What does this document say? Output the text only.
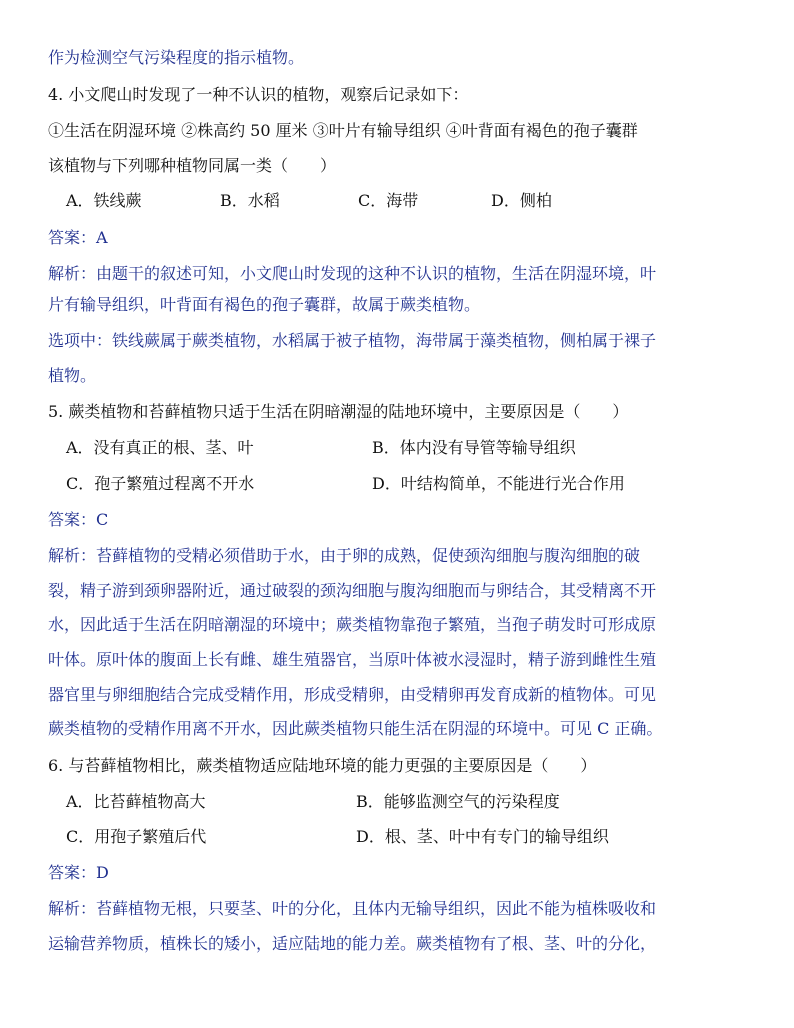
作为检测空气污染程度的指示植物。
4. 小文爬山时发现了一种不认识的植物，观察后记录如下：
①生活在阴湿环境 ②株高约 50 厘米 ③叶片有输导组织 ④叶背面有褐色的孢子囊群
该植物与下列哪种植物同属一类（　　）
A．铁线蕨	B．水稻	C．海带	D．侧柏
答案：A
解析：由题干的叙述可知，小文爬山时发现的这种不认识的植物，生活在阴湿环境，叶
片有输导组织，叶背面有褐色的孢子囊群，故属于蕨类植物。
选项中：铁线蕨属于蕨类植物，水稻属于被子植物，海带属于藻类植物，侧柏属于裸子
植物。
5. 蕨类植物和苔藓植物只适于生活在阴暗潮湿的陆地环境中，主要原因是（　　）
A．没有真正的根、茎、叶	B．体内没有导管等输导组织
C．孢子繁殖过程离不开水	D．叶结构简单，不能进行光合作用
答案：C
解析：苔藓植物的受精必须借助于水，由于卵的成熟，促使颈沟细胞与腹沟细胞的破
裂，精子游到颈卵器附近，通过破裂的颈沟细胞与腹沟细胞而与卵结合，其受精离不开
水，因此适于生活在阴暗潮湿的环境中；蕨类植物靠孢子繁殖，当孢子萌发时可形成原
叶体。原叶体的腹面上长有雌、雄生殖器官，当原叶体被水浸湿时，精子游到雌性生殖
器官里与卵细胞结合完成受精作用，形成受精卵，由受精卵再发育成新的植物体。可见
蕨类植物的受精作用离不开水，因此蕨类植物只能生活在阴湿的环境中。可见 C 正确。
6. 与苔藓植物相比，蕨类植物适应陆地环境的能力更强的主要原因是（　　）
A．比苔藓植物高大	B．能够监测空气的污染程度
C．用孢子繁殖后代	D．根、茎、叶中有专门的输导组织
答案：D
解析：苔藓植物无根，只要茎、叶的分化，且体内无输导组织，因此不能为植株吸收和
运输营养物质，植株长的矮小，适应陆地的能力差。蕨类植物有了根、茎、叶的分化，
